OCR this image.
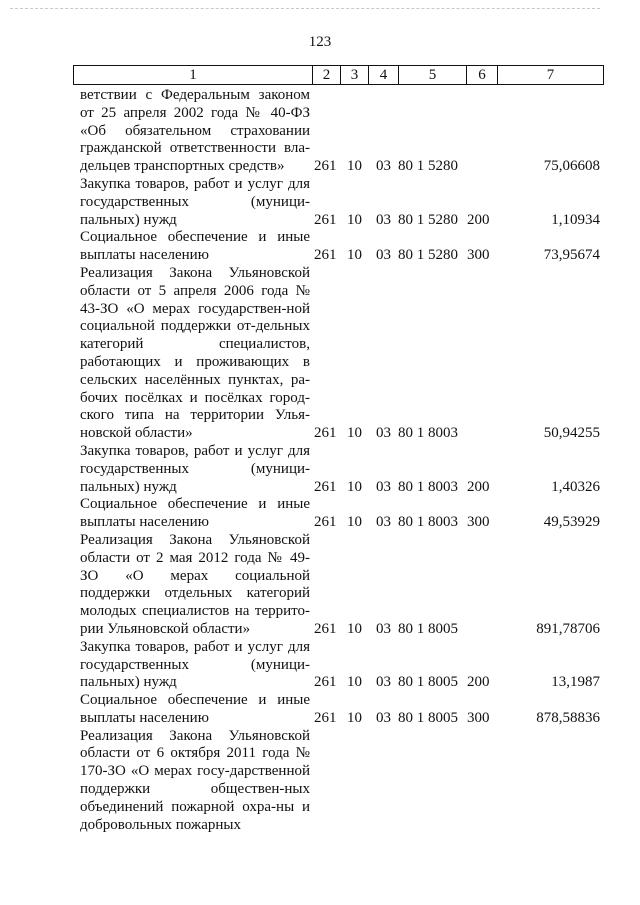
123
1	2	3	4	5	6	7
ветствии с Федеральным законом от 25 апреля 2002 года № 40-ФЗ «Об обязательном страховании гражданской ответственности вла-дельцев транспортных средств»	261 10 03 80 1 5280	75,06608
Закупка товаров, работ и услуг для государственных (муници-пальных) нужд	261 10 03 80 1 5280 200	1,10934
Социальное обеспечение и иные выплаты населению	261 10 03 80 1 5280 300	73,95674
Реализация Закона Ульяновской области от 5 апреля 2006 года № 43-ЗО «О мерах государствен-ной социальной поддержки от-дельных категорий специалистов, работающих и проживающих в сельских населённых пунктах, ра-бочих посёлках и посёлках город-ского типа на территории Улья-новской области»	261 10 03 80 1 8003	50,94255
Закупка товаров, работ и услуг для государственных (муници-пальных) нужд	261 10 03 80 1 8003 200	1,40326
Социальное обеспечение и иные выплаты населению	261 10 03 80 1 8003 300	49,53929
Реализация Закона Ульяновской области от 2 мая 2012 года № 49-ЗО «О мерах социальной поддержки отдельных категорий молодых специалистов на террито-рии Ульяновской области»	261 10 03 80 1 8005	891,78706
Закупка товаров, работ и услуг для государственных (муници-пальных) нужд	261 10 03 80 1 8005 200	13,1987
Социальное обеспечение и иные выплаты населению	261 10 03 80 1 8005 300	878,58836
Реализация Закона Ульяновской области от 6 октября 2011 года № 170-ЗО «О мерах госу-дарственной поддержки обществен-ных объединений пожарной охра-ны и добровольных пожарных
